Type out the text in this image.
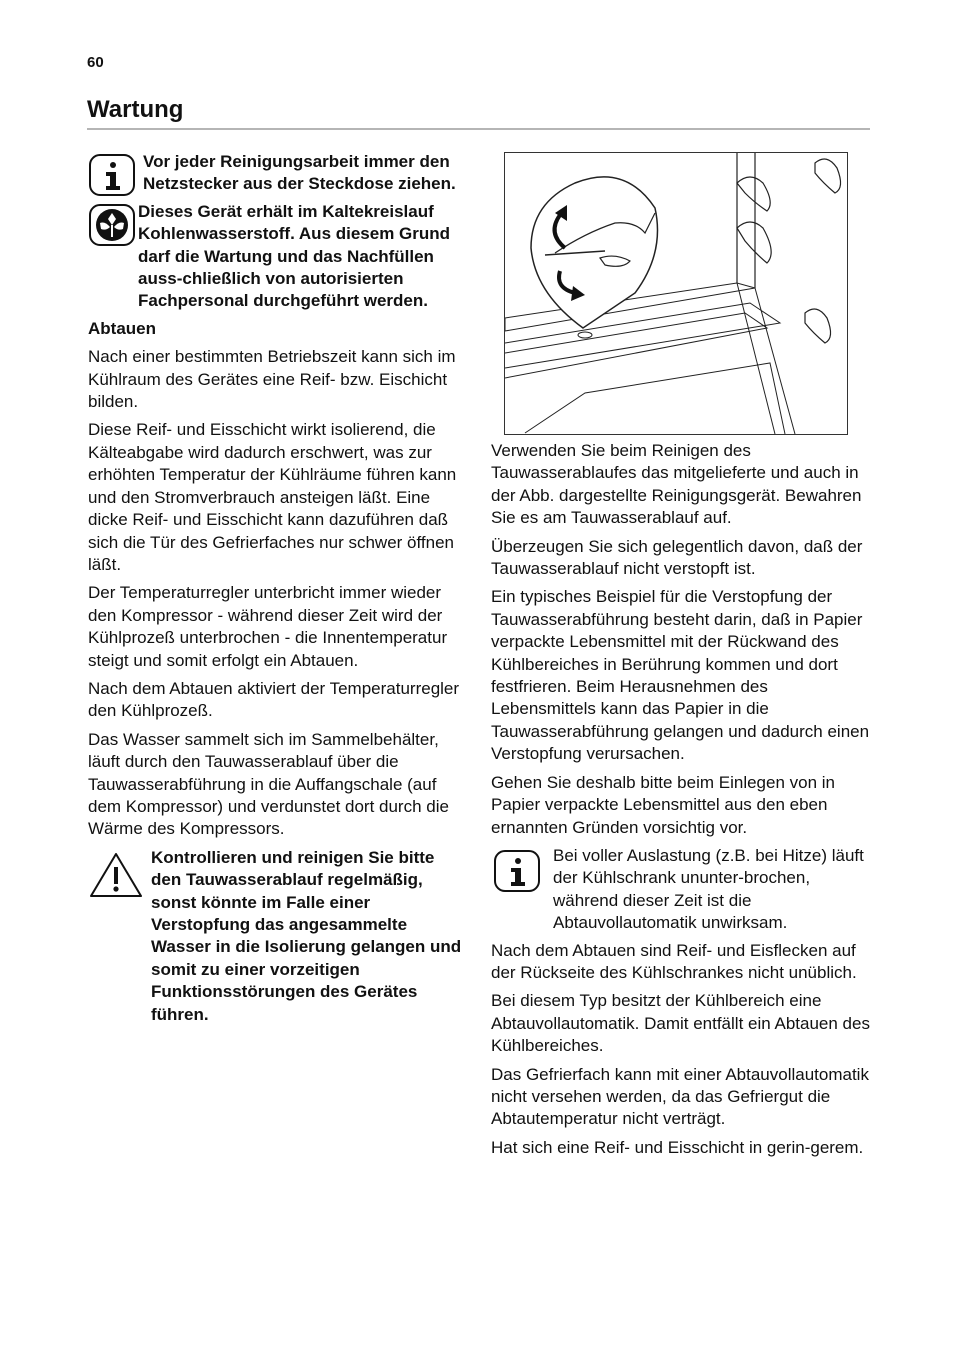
60
Wartung
Vor jeder Reinigungsarbeit immer den Netzstecker aus der Steckdose ziehen.
Dieses Gerät erhält im Kaltekreislauf Kohlenwasserstoff. Aus diesem Grund darf die Wartung und das Nachfüllen auss-chließlich von autorisierten Fachpersonal durchgeführt werden.
Abtauen

Nach einer bestimmten Betriebszeit kann sich im Kühlraum des Gerätes eine Reif- bzw. Eischicht bilden.

Diese Reif- und Eisschicht wirkt isolierend, die Kälteabgabe wird dadurch erschwert, was zur erhöhten Temperatur der Kühlräume führen kann und den Stromverbrauch ansteigen läßt. Eine dicke Reif- und Eisschicht kann dazuführen daß sich die Tür des Gefrierfaches nur schwer öffnen läßt.

Der Temperaturregler unterbricht immer wieder den Kompressor - während dieser Zeit wird der Kühlprozeß unterbrochen - die Innentemperatur steigt und somit erfolgt ein Abtauen.

Nach dem Abtauen aktiviert der Temperaturregler den Kühlprozeß.

Das Wasser sammelt sich im Sammelbehälter, läuft durch den Tauwasserablauf über die Tauwasserabführung in die Auffangschale (auf dem Kompressor) und verdunstet dort durch die Wärme des Kompressors.

Kontrollieren und reinigen Sie bitte den Tauwasserablauf regelmäßig, sonst könnte im Falle einer Verstopfung das angesammelte Wasser in die Isolierung gelangen und somit zu einer vorzeitigen Funktionsstörungen des Gerätes führen.

Verwenden Sie beim Reinigen des Tauwasserablaufes das mitgelieferte und auch in der Abb. dargestellte Reinigungsgerät. Bewahren Sie es am Tauwasserablauf auf.

Überzeugen Sie sich gelegentlich davon, daß der Tauwasserablauf nicht verstopft ist.

Ein typisches Beispiel für die Verstopfung der Tauwasserabführung besteht darin, daß in Papier verpackte Lebensmittel mit der Rückwand des Kühlbereiches in Berührung kommen und dort festfrieren. Beim Herausnehmen des Lebensmittels kann das Papier in die Tauwasserabführung gelangen und dadurch einen Verstopfung verursachen.

Gehen Sie deshalb bitte beim Einlegen von in Papier verpackte Lebensmittel aus den eben ernannten Gründen vorsichtig vor.

Bei voller Auslastung (z.B. bei Hitze) läuft der Kühlschrank ununter-brochen, während dieser Zeit ist die Abtauvollautomatik unwirksam.

Nach dem Abtauen sind Reif- und Eisflecken auf der Rückseite des Kühlschrankes nicht unüblich.

Bei diesem Typ besitzt der Kühlbereich eine Abtauvollautomatik. Damit entfällt ein Abtauen des Kühlbereiches.

Das Gefrierfach kann mit einer Abtauvollautomatik nicht versehen werden, da das Gefriergut die Abtautemperatur nicht verträgt.

Hat sich eine Reif- und Eisschicht in gerin-gerem.
